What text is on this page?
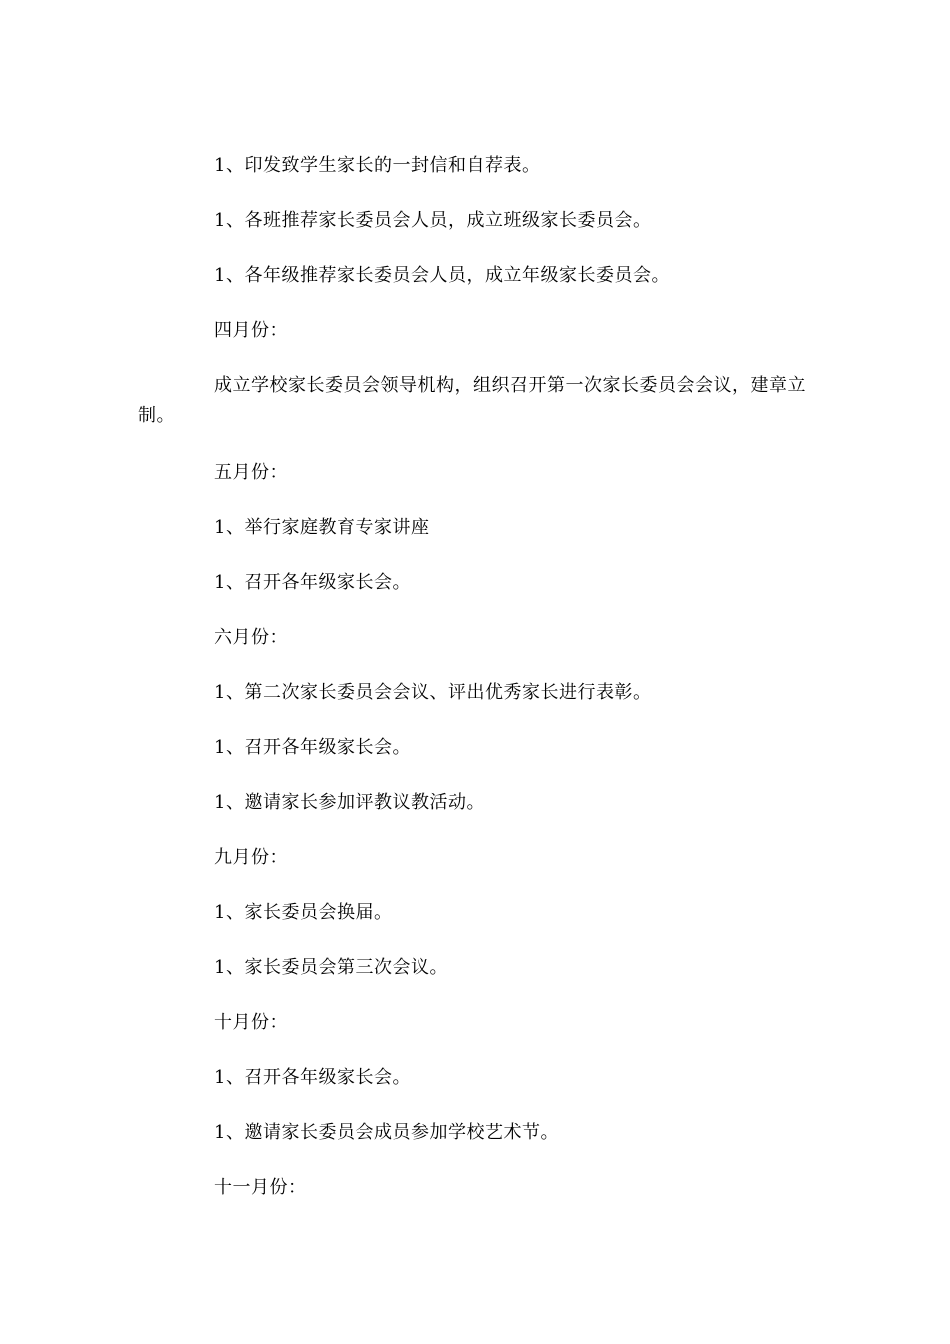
1、印发致学生家长的一封信和自荐表。

1、各班推荐家长委员会人员，成立班级家长委员会。

1、各年级推荐家长委员会人员，成立年级家长委员会。

四月份：

成立学校家长委员会领导机构，组织召开第一次家长委员会会议，建章立制。

五月份：

1、举行家庭教育专家讲座

1、召开各年级家长会。

六月份：

1、第二次家长委员会会议、评出优秀家长进行表彰。

1、召开各年级家长会。

1、邀请家长参加评教议教活动。

九月份：

1、家长委员会换届。

1、家长委员会第三次会议。

十月份：

1、召开各年级家长会。

1、邀请家长委员会成员参加学校艺术节。

十一月份：
